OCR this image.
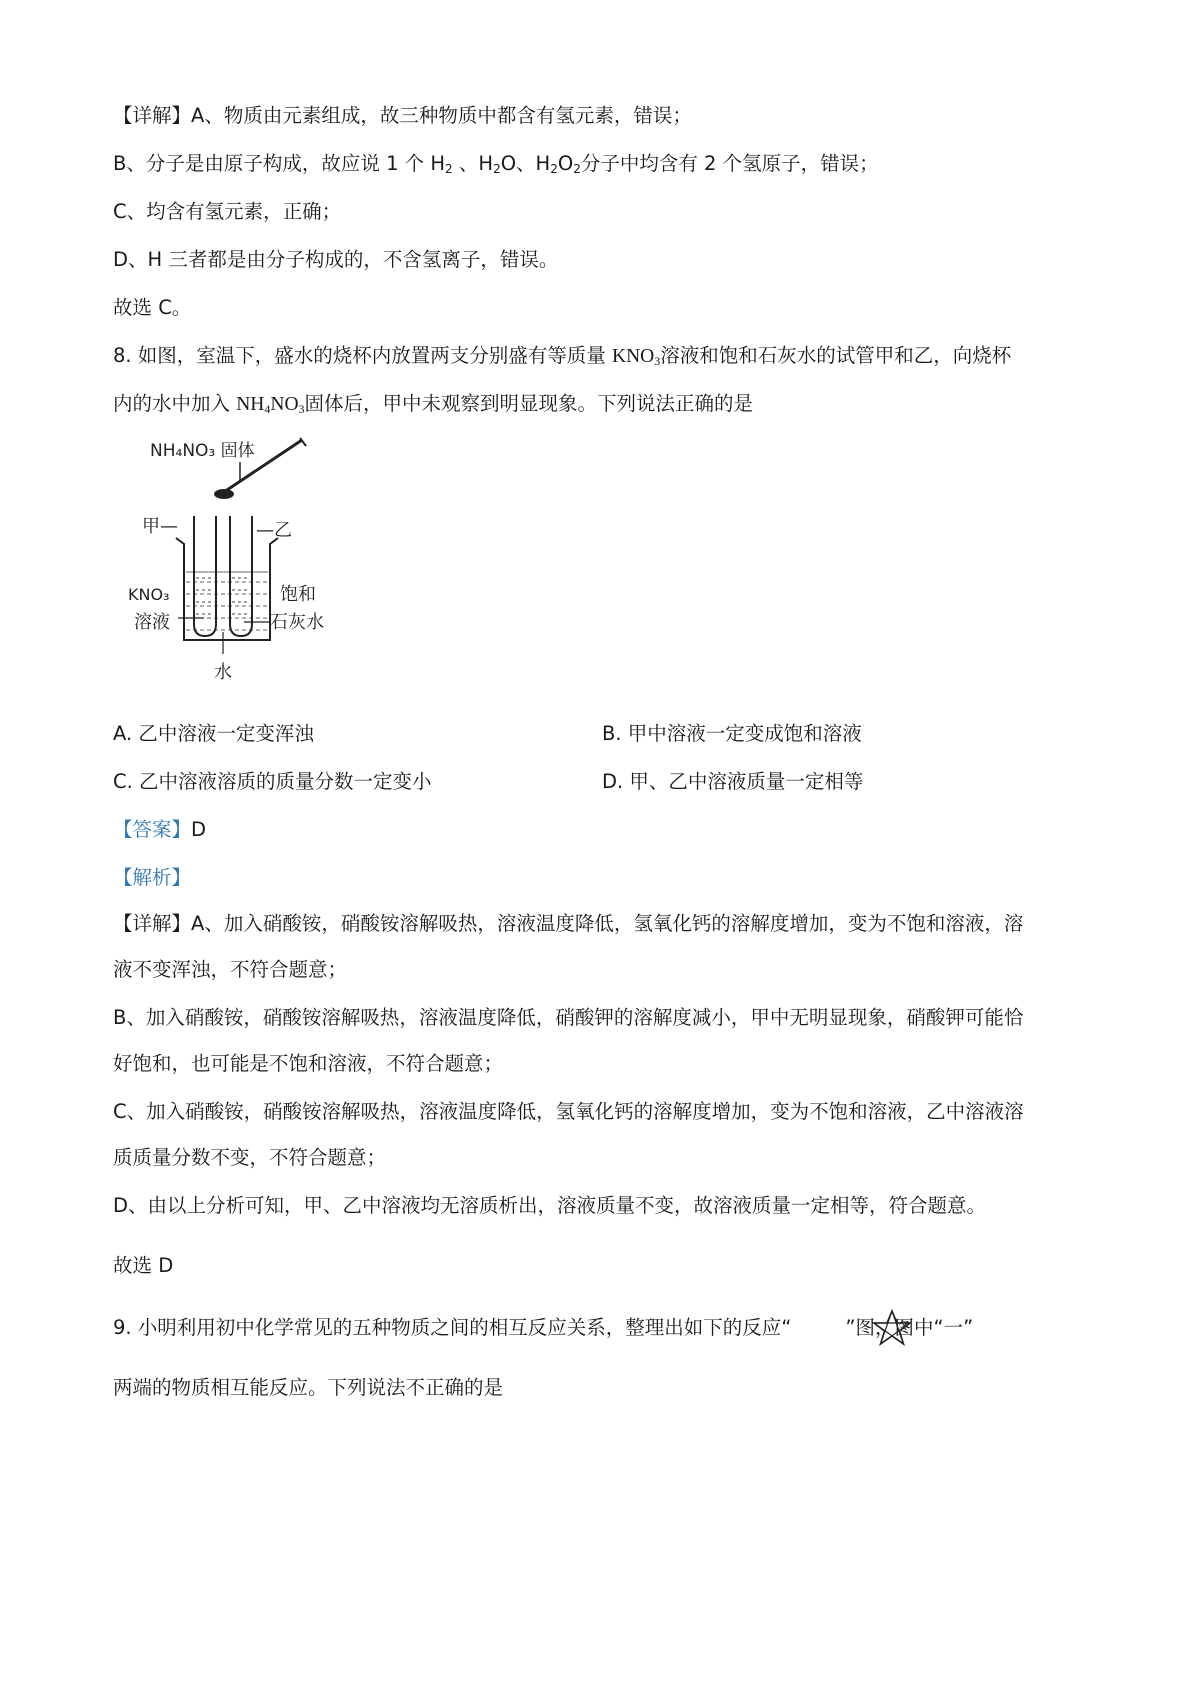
【详解】A、物质由元素组成，故三种物质中都含有氢元素，错误；
B、分子是由原子构成，故应说 1 个 $H_2$ 、$H_2O$、$H_2O_2$分子中均含有 2 个氢原子，错误；
C、均含有氢元素，正确；
D、H 三者都是由分子构成的，不含氢离子，错误。
故选 C。
8. 如图，室温下，盛水的烧杯内放置两支分别盛有等质量 $KNO_3$溶液和饱和石灰水的试管甲和乙，向烧杯
内的水中加入 $NH_4NO_3$固体后，甲中未观察到明显现象。下列说法正确的是
NH₄NO₃ 固体
甲—	—乙
KNO₃
溶液
饱和
石灰水
水
A. 乙中溶液一定变浑浊	B. 甲中溶液一定变成饱和溶液
C. 乙中溶液溶质的质量分数一定变小	D. 甲、乙中溶液质量一定相等
【答案】D
【解析】
【详解】A、加入硝酸铵，硝酸铵溶解吸热，溶液温度降低，氢氧化钙的溶解度增加，变为不饱和溶液，溶
液不变浑浊，不符合题意；
B、加入硝酸铵，硝酸铵溶解吸热，溶液温度降低，硝酸钾的溶解度减小，甲中无明显现象，硝酸钾可能恰
好饱和，也可能是不饱和溶液，不符合题意；
C、加入硝酸铵，硝酸铵溶解吸热，溶液温度降低，氢氧化钙的溶解度增加，变为不饱和溶液，乙中溶液溶
质质量分数不变，不符合题意；
D、由以上分析可知，甲、乙中溶液均无溶质析出，溶液质量不变，故溶液质量一定相等，符合题意。
故选 D
9. 小明利用初中化学常见的五种物质之间的相互反应关系，整理出如下的反应“	”图，图中“一”
两端的物质相互能反应。下列说法不正确的是
